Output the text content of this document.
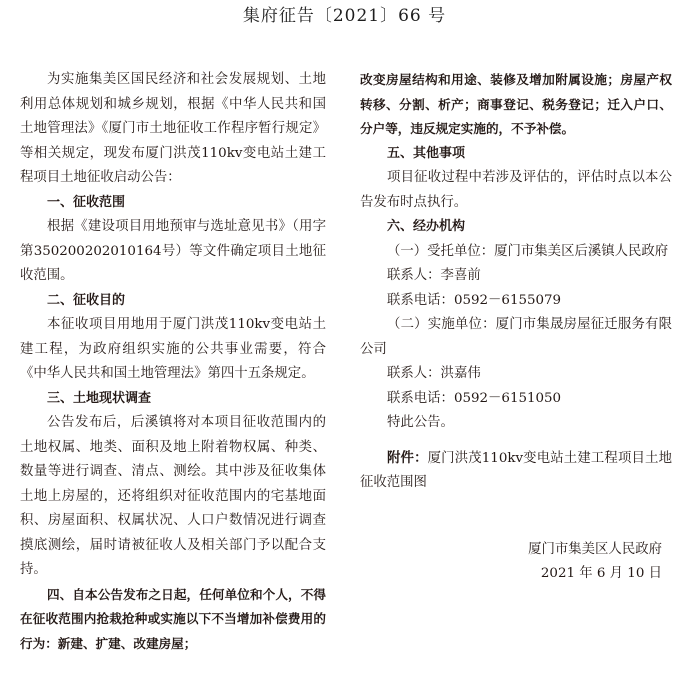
集府征告〔2021〕66 号

为实施集美区国民经济和社会发展规划、土地利用总体规划和城乡规划，根据《中华人民共和国土地管理法》《厦门市土地征收工作程序暂行规定》等相关规定，现发布厦门洪茂110kv变电站土建工程项目土地征收启动公告：

一、征收范围

根据《建设项目用地预审与选址意见书》（用字第350200202010164号）等文件确定项目土地征收范围。

二、征收目的

本征收项目用地用于厦门洪茂110kv变电站土建工程，为政府组织实施的公共事业需要，符合《中华人民共和国土地管理法》第四十五条规定。

三、土地现状调查

公告发布后，后溪镇将对本项目征收范围内的土地权属、地类、面积及地上附着物权属、种类、数量等进行调查、清点、测绘。其中涉及征收集体土地上房屋的，还将组织对征收范围内的宅基地面积、房屋面积、权属状况、人口户数情况进行调查摸底测绘，届时请被征收人及相关部门予以配合支持。

四、自本公告发布之日起，任何单位和个人，不得在征收范围内抢栽抢种或实施以下不当增加补偿费用的行为：新建、扩建、改建房屋；

改变房屋结构和用途、装修及增加附属设施；房屋产权转移、分割、析产；商事登记、税务登记；迁入户口、分户等，违反规定实施的，不予补偿。

五、其他事项

项目征收过程中若涉及评估的，评估时点以本公告发布时点执行。

六、经办机构

（一）受托单位：厦门市集美区后溪镇人民政府

联系人：李喜前

联系电话：0592－6155079

（二）实施单位：厦门市集晟房屋征迁服务有限公司

联系人：洪嘉伟

联系电话：0592－6151050

特此公告。

附件：厦门洪茂110kv变电站土建工程项目土地征收范围图

厦门市集美区人民政府

2021 年 6 月 10 日
